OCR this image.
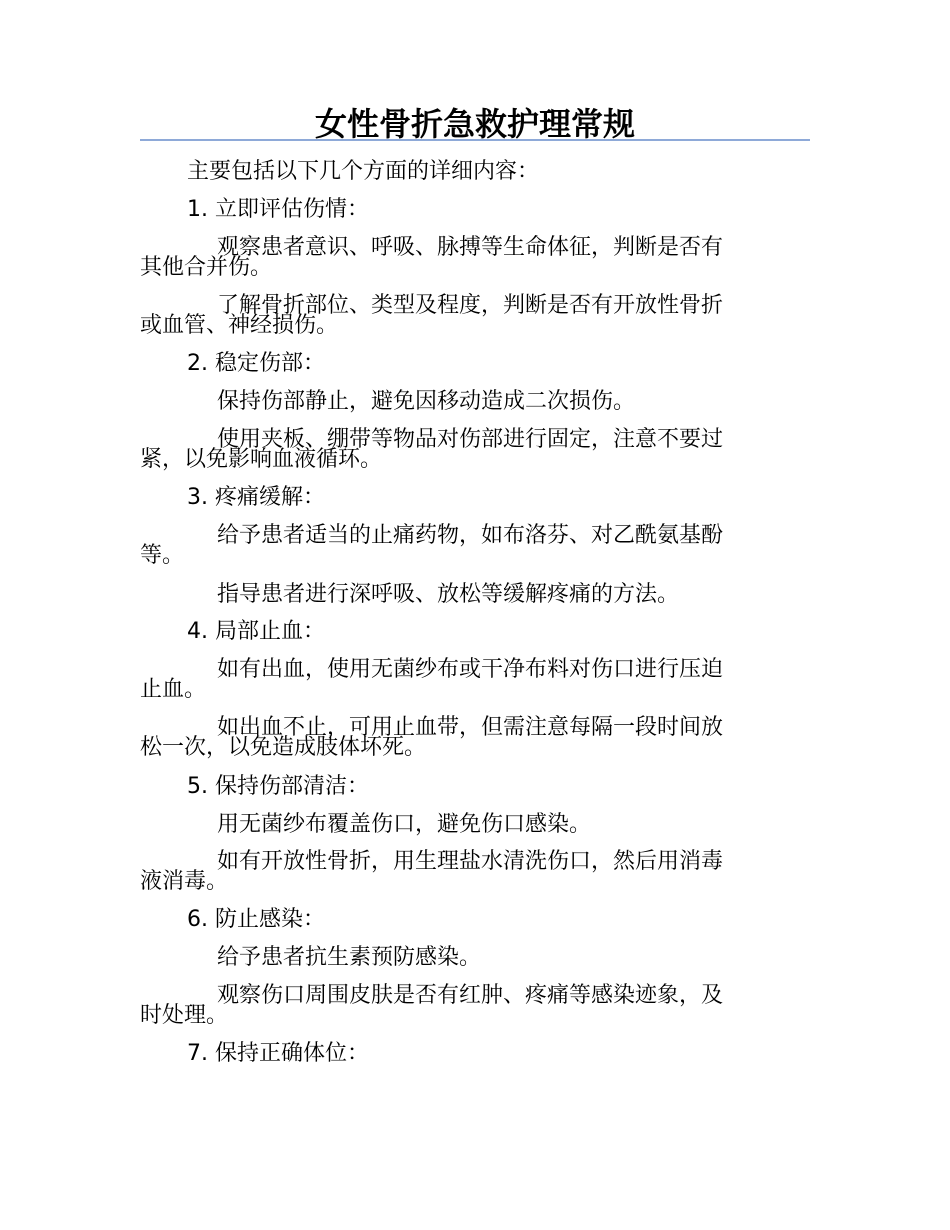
女性骨折急救护理常规
主要包括以下几个方面的详细内容：
1. 立即评估伤情：
观察患者意识、呼吸、脉搏等生命体征，判断是否有
其他合并伤。
了解骨折部位、类型及程度，判断是否有开放性骨折
或血管、神经损伤。
2. 稳定伤部：
保持伤部静止，避免因移动造成二次损伤。
使用夹板、绷带等物品对伤部进行固定，注意不要过
紧，以免影响血液循环。
3. 疼痛缓解：
给予患者适当的止痛药物，如布洛芬、对乙酰氨基酚
等。
指导患者进行深呼吸、放松等缓解疼痛的方法。
4. 局部止血：
如有出血，使用无菌纱布或干净布料对伤口进行压迫
止血。
如出血不止，可用止血带，但需注意每隔一段时间放
松一次，以免造成肢体坏死。
5. 保持伤部清洁：
用无菌纱布覆盖伤口，避免伤口感染。
如有开放性骨折，用生理盐水清洗伤口，然后用消毒
液消毒。
6. 防止感染：
给予患者抗生素预防感染。
观察伤口周围皮肤是否有红肿、疼痛等感染迹象，及
时处理。
7. 保持正确体位：
